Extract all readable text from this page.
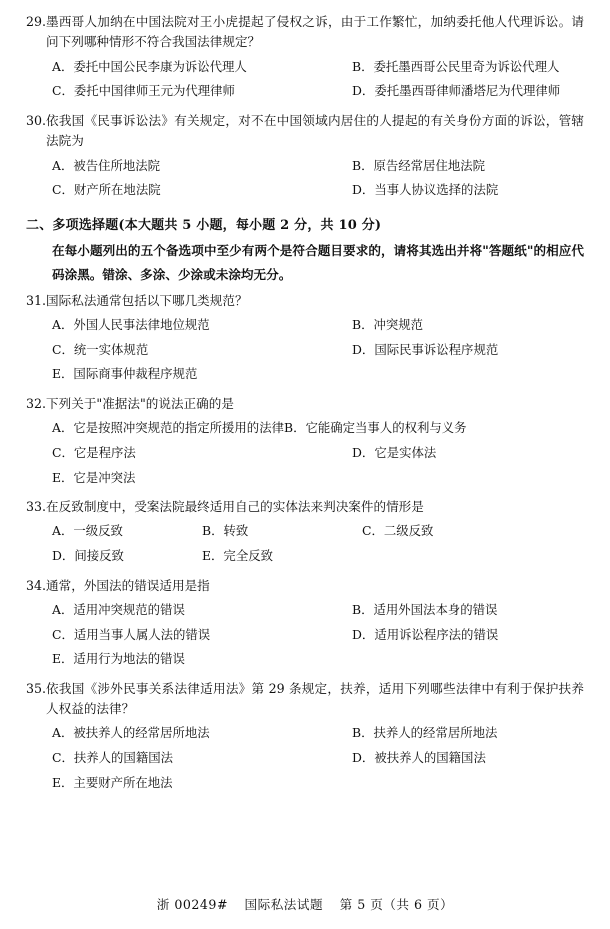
29. 墨西哥人加纳在中国法院对王小虎提起了侵权之诉，由于工作繁忙，加纳委托他人代理诉讼。请问下列哪种情形不符合我国法律规定？
A．委托中国公民李康为诉讼代理人	B．委托墨西哥公民里奇为诉讼代理人
C．委托中国律师王元为代理律师	D．委托墨西哥律师潘塔尼为代理律师
30. 依我国《民事诉讼法》有关规定，对不在中国领域内居住的人提起的有关身份方面的诉讼，管辖法院为
A．被告住所地法院	B．原告经常居住地法院
C．财产所在地法院	D．当事人协议选择的法院
二、多项选择题(本大题共 5 小题，每小题 2 分，共 10 分)
在每小题列出的五个备选项中至少有两个是符合题目要求的，请将其选出并将"答题纸"的相应代码涂黑。错涂、多涂、少涂或未涂均无分。
31. 国际私法通常包括以下哪几类规范？
A．外国人民事法律地位规范	B．冲突规范
C．统一实体规范	D．国际民事诉讼程序规范
E．国际商事仲裁程序规范
32. 下列关于"准据法"的说法正确的是
A．它是按照冲突规范的指定所援用的法律 B．它能确定当事人的权利与义务
C．它是程序法	D．它是实体法
E．它是冲突法
33. 在反致制度中，受案法院最终适用自己的实体法来判决案件的情形是
A．一级反致	B．转致	C．二级反致
D．间接反致	E．完全反致
34. 通常，外国法的错误适用是指
A．适用冲突规范的错误	B．适用外国法本身的错误
C．适用当事人属人法的错误	D．适用诉讼程序法的错误
E．适用行为地法的错误
35. 依我国《涉外民事关系法律适用法》第 29 条规定，扶养，适用下列哪些法律中有利于保护扶养人权益的法律？
A．被扶养人的经常居所地法	B．扶养人的经常居所地法
C．扶养人的国籍国法	D．被扶养人的国籍国法
E．主要财产所在地法
浙 00249# 国际私法试题 第 5 页（共 6 页）
